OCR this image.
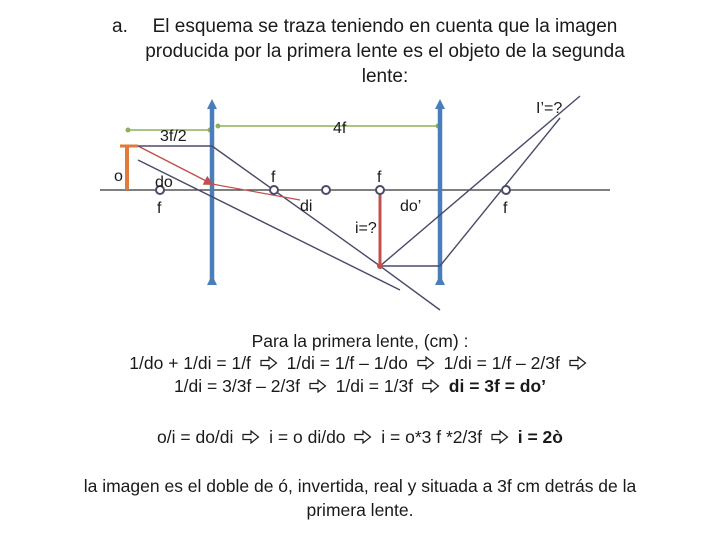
a.	El esquema se traza teniendo en cuenta que la imagen producida por la primera lente es el objeto de la segunda lente:
o do
f
3f/2	4f
f
di
f
i=?
do’	f
I’=?
Para la primera lente, (cm) :
1/do + 1/di = 1/f 1/di = 1/f – 1/do 1/di = 1/f – 2/3f
1/di = 3/3f – 2/3f 1/di = 1/3f di = 3f = do’
o/i = do/di i = o di/do i = o*3 f *2/3f i = 2ò
la imagen es el doble de ó, invertida, real y situada a 3f cm detrás de la primera lente.
